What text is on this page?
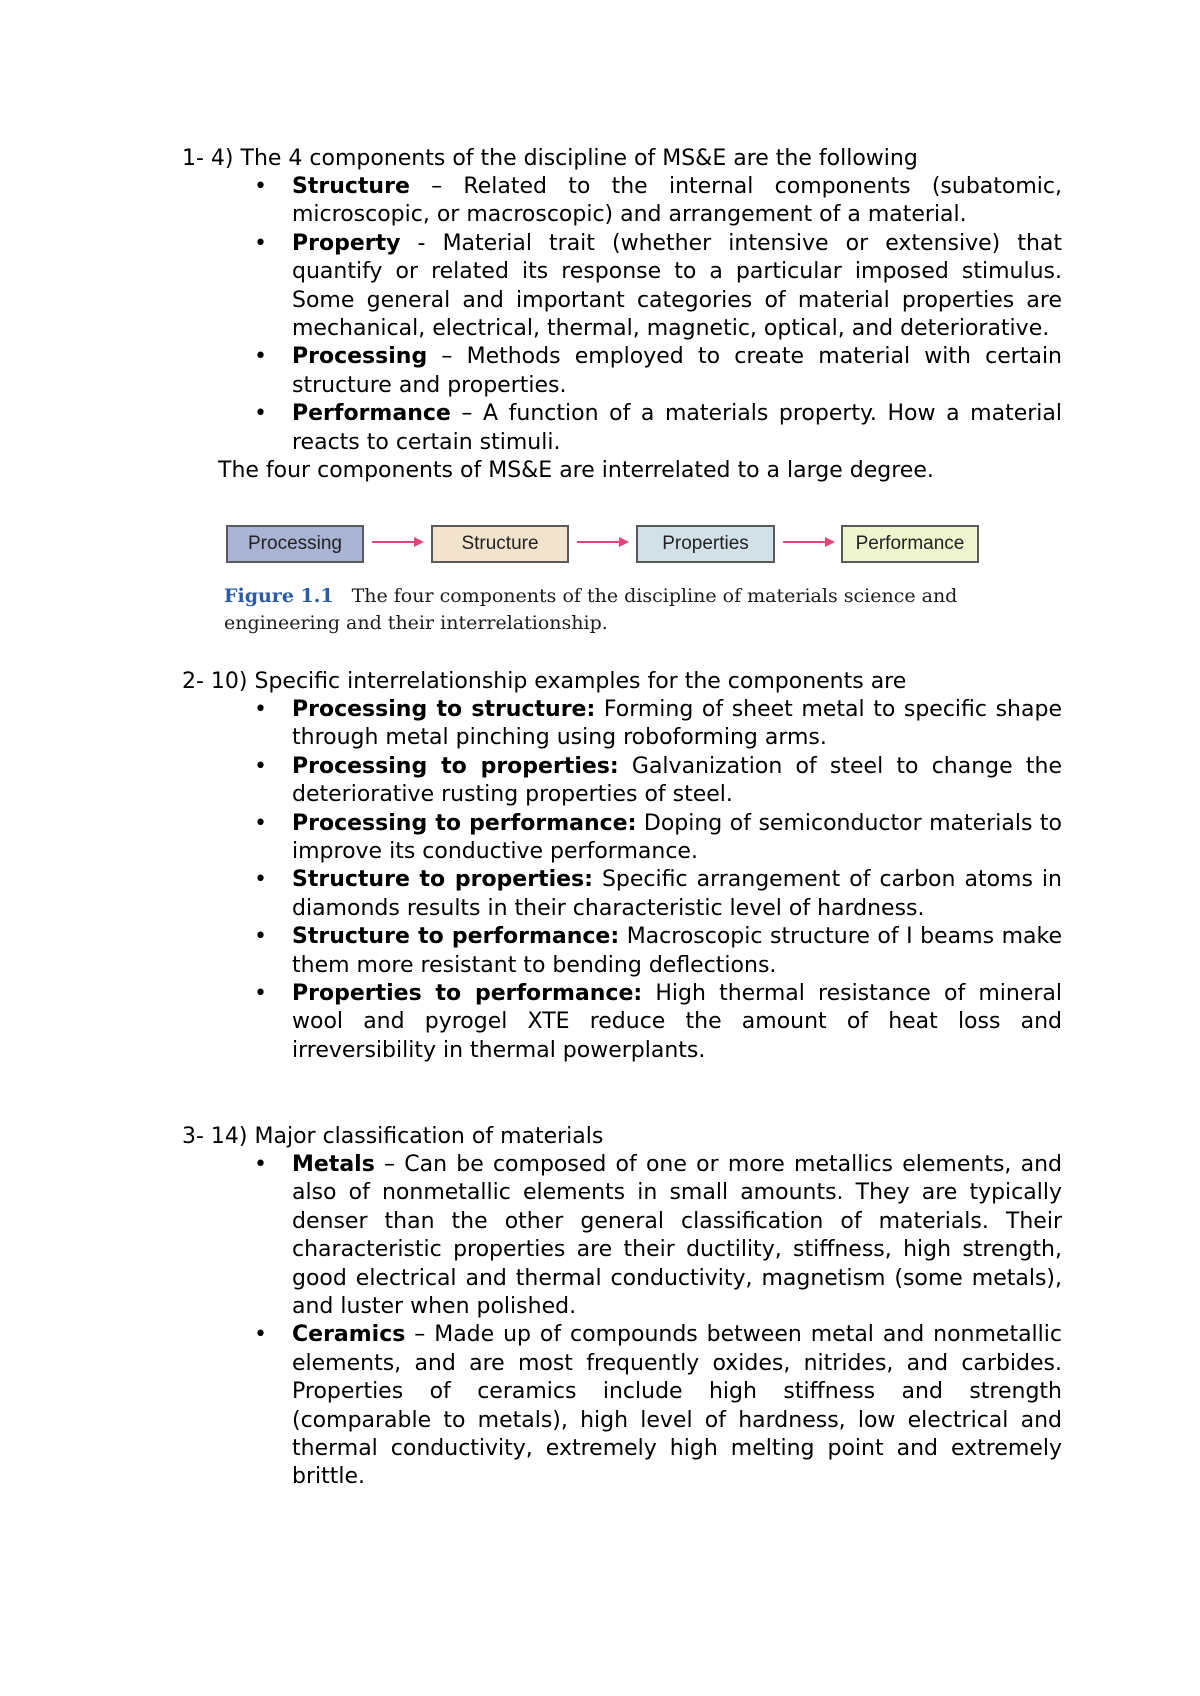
1- 4) The 4 components of the discipline of MS&E are the following

• Structure – Related to the internal components (subatomic, microscopic, or macroscopic) and arrangement of a material.
• Property - Material trait (whether intensive or extensive) that quantify or related its response to a particular imposed stimulus. Some general and important categories of material properties are mechanical, electrical, thermal, magnetic, optical, and deteriorative.
• Processing – Methods employed to create material with certain structure and properties.
• Performance – A function of a materials property. How a material reacts to certain stimuli.

The four components of MS&E are interrelated to a large degree.

Processing	Structure	Properties	Performance
Figure 1.1 The four components of the discipline of materials science and engineering and their interrelationship.

2- 10) Specific interrelationship examples for the components are

• Processing to structure: Forming of sheet metal to specific shape through metal pinching using roboforming arms.
• Processing to properties: Galvanization of steel to change the deteriorative rusting properties of steel.
• Processing to performance: Doping of semiconductor materials to improve its conductive performance.
• Structure to properties: Specific arrangement of carbon atoms in diamonds results in their characteristic level of hardness.
• Structure to performance: Macroscopic structure of I beams make them more resistant to bending deflections.
• Properties to performance: High thermal resistance of mineral wool and pyrogel XTE reduce the amount of heat loss and irreversibility in thermal powerplants.

3- 14) Major classification of materials

• Metals – Can be composed of one or more metallics elements, and also of nonmetallic elements in small amounts. They are typically denser than the other general classification of materials. Their characteristic properties are their ductility, stiffness, high strength, good electrical and thermal conductivity, magnetism (some metals), and luster when polished.
• Ceramics – Made up of compounds between metal and nonmetallic elements, and are most frequently oxides, nitrides, and carbides. Properties of ceramics include high stiffness and strength (comparable to metals), high level of hardness, low electrical and thermal conductivity, extremely high melting point and extremely brittle.
